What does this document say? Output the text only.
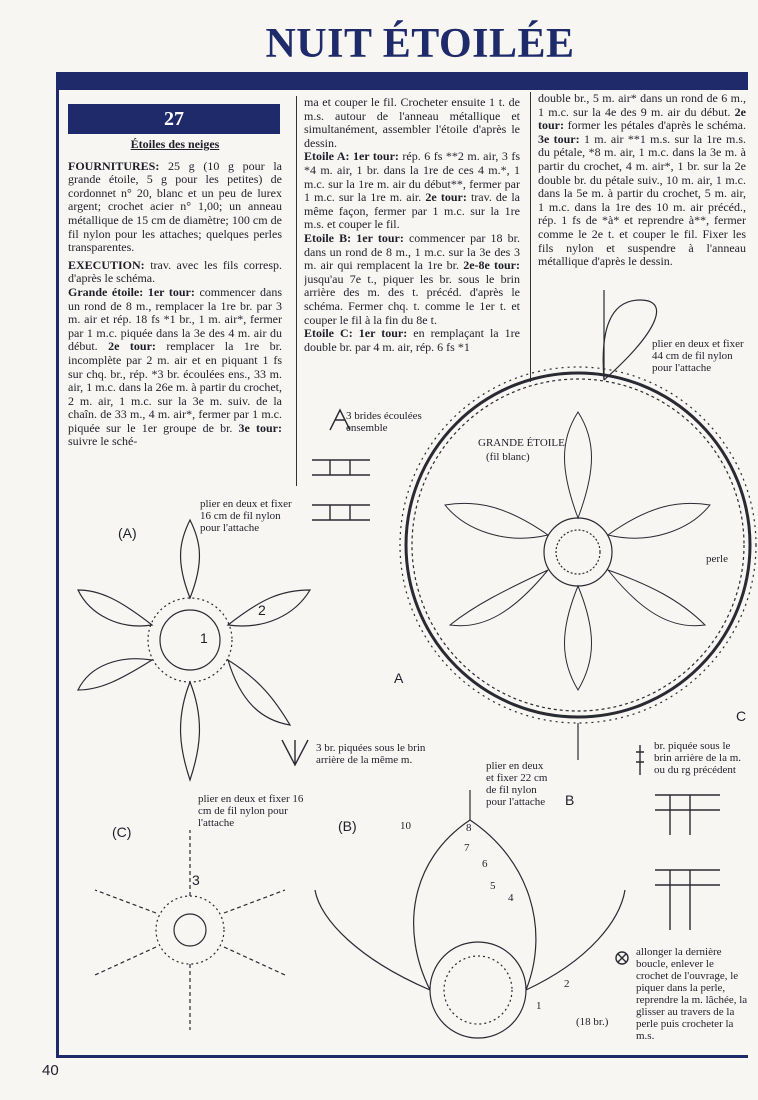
NUIT ÉTOILÉE
27
Étoiles des neiges

FOURNITURES: 25 g (10 g pour la grande étoile, 5 g pour les petites) de cordonnet n° 20, blanc et un peu de lurex argent; crochet acier n° 1,00; un anneau métallique de 15 cm de diamètre; 100 cm de fil nylon pour les attaches; quelques perles transparentes.

EXECUTION: trav. avec les fils corresp. d'après le schéma.

Grande étoile: 1er tour: commencer dans un rond de 8 m., remplacer la 1re br. par 3 m. air et rép. 18 fs *1 br., 1 m. air*, fermer par 1 m.c. piquée dans la 3e des 4 m. air du début. 2e tour: remplacer la 1re br. incomplète par 2 m. air et en piquant 1 fs sur chq. br., rép. *3 br. écoulées ens., 33 m. air, 1 m.c. dans la 26e m. à partir du crochet, 2 m. air, 1 m.c. sur la 3e m. suiv. de la chaîn. de 33 m., 4 m. air*, fermer par 1 m.c. piquée sur le 1er groupe de br. 3e tour: suivre le sché-

ma et couper le fil. Crocheter ensuite 1 t. de m.s. autour de l'anneau métallique et simultanément, assembler l'étoile d'après le dessin.

Etoile A: 1er tour: rép. 6 fs **2 m. air, 3 fs *4 m. air, 1 br. dans la 1re de ces 4 m.*, 1 m.c. sur la 1re m. air du début**, fermer par 1 m.c. sur la 1re m. air. 2e tour: trav. de la même façon, fermer par 1 m.c. sur la 1re m.s. et couper le fil.

Etoile B: 1er tour: commencer par 18 br. dans un rond de 8 m., 1 m.c. sur la 3e des 3 m. air qui remplacent la 1re br. 2e-8e tour: jusqu'au 7e t., piquer les br. sous le brin arrière des m. des t. précéd. d'après le schéma. Fermer chq. t. comme le 1er t. et couper le fil à la fin du 8e t.

Etoile C: 1er tour: en remplaçant la 1re double br. par 4 m. air, rép. 6 fs *1

double br., 5 m. air* dans un rond de 6 m., 1 m.c. sur la 4e des 9 m. air du début. 2e tour: former les pétales d'après le schéma. 3e tour: 1 m. air **1 m.s. sur la 1re m.s. du pétale, *8 m. air, 1 m.c. dans la 3e m. à partir du crochet, 4 m. air*, 1 br. sur la 2e double br. du pétale suiv., 10 m. air, 1 m.c. dans la 5e m. à partir du crochet, 5 m. air, 1 m.c. dans la 1re des 10 m. air précéd., rép. 1 fs de *à* et reprendre à**, fermer comme le 2e t. et couper le fil. Fixer les fils nylon et suspendre à l'anneau métallique d'après le dessin.

3 brides écoulées ensemble
GRANDE ÉTOILE
(fil blanc)
plier en deux et fixer 44 cm de fil nylon pour l'attache
perle
plier en deux et fixer 16 cm de fil nylon pour l'attache
(A)
A
B
C
1
2
3 br. piquées sous le brin arrière de la même m.
br. piquée sous le brin arrière de la m. ou du rg précédent
plier en deux et fixer 16 cm de fil nylon pour l'attache
(C)
3
plier en deux et fixer 22 cm de fil nylon pour l'attache
(B)	10	8
7
6
5
4
1
2
(18 br.)
allonger la dernière boucle, enlever le crochet de l'ouvrage, le piquer dans la perle, reprendre la m. lâchée, la glisser au travers de la perle puis crocheter la m.s.
40
